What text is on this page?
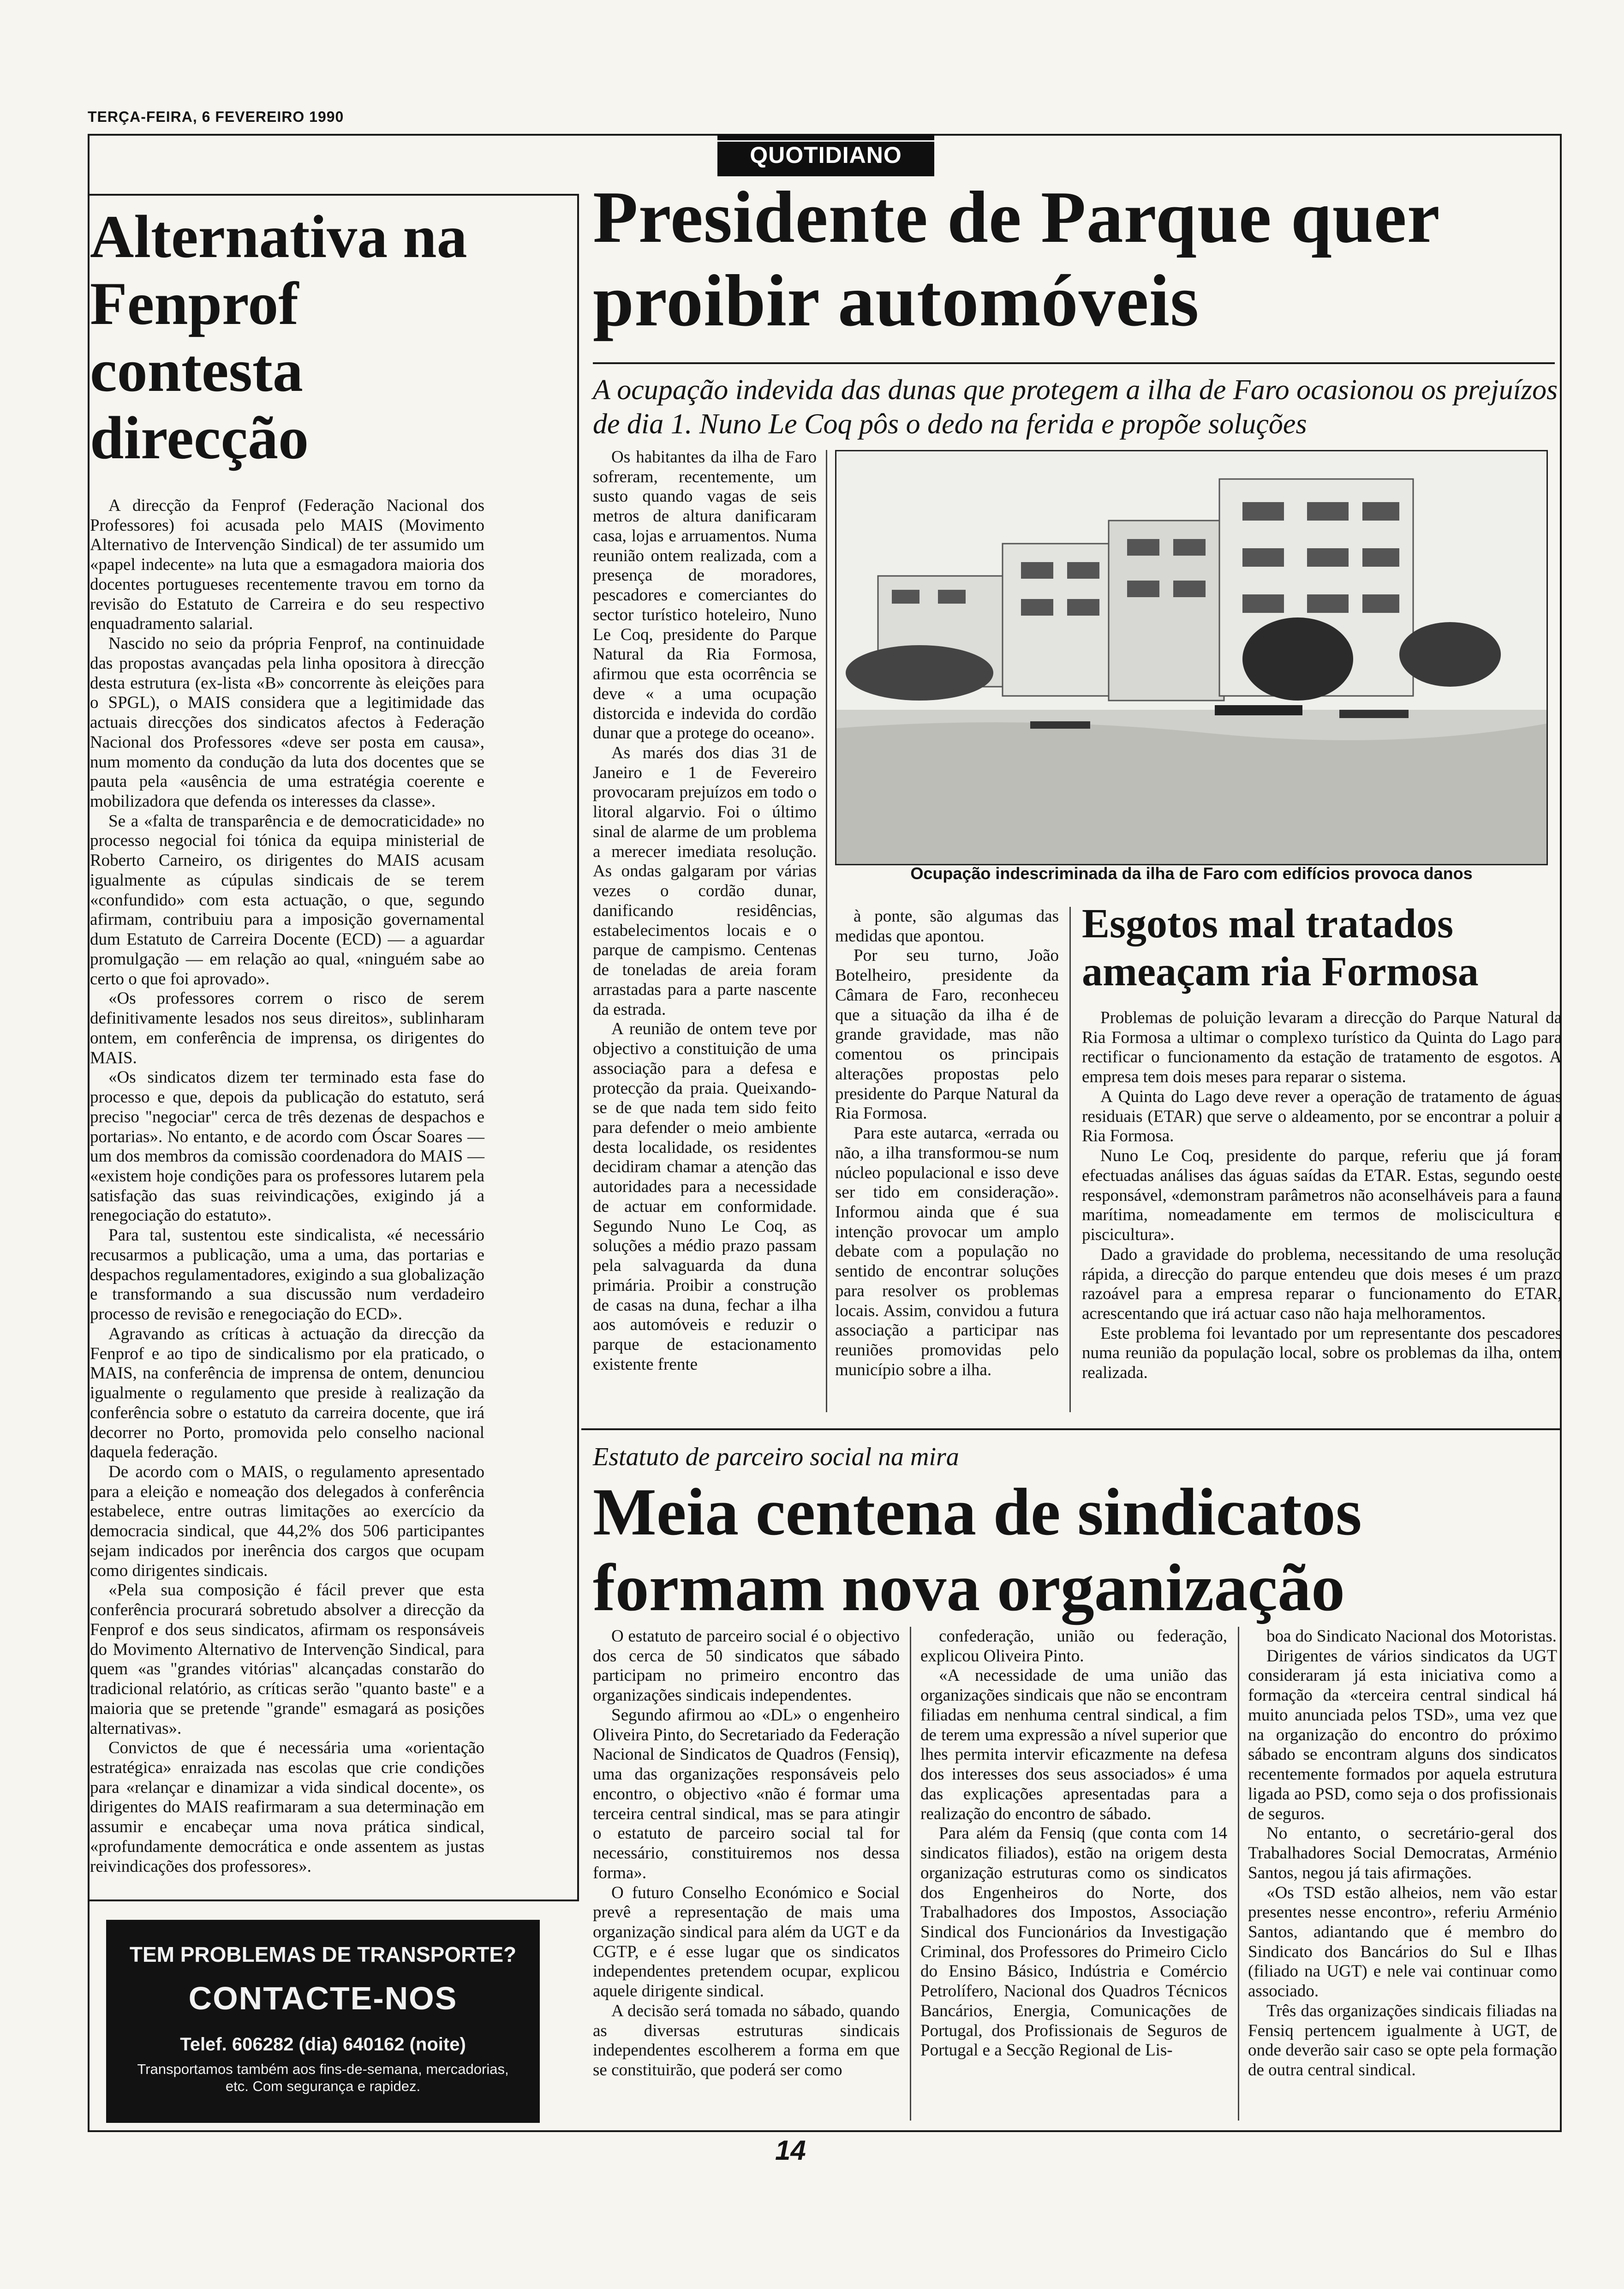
TERÇA-FEIRA, 6 FEVEREIRO 1990
QUOTIDIANO
Alternativa na Fenprof contesta direcção

A direcção da Fenprof (Federação Nacional dos Professores) foi acusada pelo MAIS (Movimento Alternativo de Intervenção Sindical) de ter assumido um «papel indecente» na luta que a esmagadora maioria dos docentes portugueses recentemente travou em torno da revisão do Estatuto de Carreira e do seu respectivo enquadramento salarial.

Nascido no seio da própria Fenprof, na continuidade das propostas avançadas pela linha opositora à direcção desta estrutura (ex-lista «B» concorrente às eleições para o SPGL), o MAIS considera que a legitimidade das actuais direcções dos sindicatos afectos à Federação Nacional dos Professores «deve ser posta em causa», num momento da condução da luta dos docentes que se pauta pela «ausência de uma estratégia coerente e mobilizadora que defenda os interesses da classe».

Se a «falta de transparência e de democraticidade» no processo negocial foi tónica da equipa ministerial de Roberto Carneiro, os dirigentes do MAIS acusam igualmente as cúpulas sindicais de se terem «confundido» com esta actuação, o que, segundo afirmam, contribuiu para a imposição governamental dum Estatuto de Carreira Docente (ECD) — a aguardar promulgação — em relação ao qual, «ninguém sabe ao certo o que foi aprovado».

«Os professores correm o risco de serem definitivamente lesados nos seus direitos», sublinharam ontem, em conferência de imprensa, os dirigentes do MAIS.

«Os sindicatos dizem ter terminado esta fase do processo e que, depois da publicação do estatuto, será preciso "negociar" cerca de três dezenas de despachos e portarias». No entanto, e de acordo com Óscar Soares — um dos membros da comissão coordenadora do MAIS — «existem hoje condições para os professores lutarem pela satisfação das suas reivindicações, exigindo já a renegociação do estatuto».

Para tal, sustentou este sindicalista, «é necessário recusarmos a publicação, uma a uma, das portarias e despachos regulamentadores, exigindo a sua globalização e transformando a sua discussão num verdadeiro processo de revisão e renegociação do ECD».

Agravando as críticas à actuação da direcção da Fenprof e ao tipo de sindicalismo por ela praticado, o MAIS, na conferência de imprensa de ontem, denunciou igualmente o regulamento que preside à realização da conferência sobre o estatuto da carreira docente, que irá decorrer no Porto, promovida pelo conselho nacional daquela federação.

De acordo com o MAIS, o regulamento apresentado para a eleição e nomeação dos delegados à conferência estabelece, entre outras limitações ao exercício da democracia sindical, que 44,2% dos 506 participantes sejam indicados por inerência dos cargos que ocupam como dirigentes sindicais.

«Pela sua composição é fácil prever que esta conferência procurará sobretudo absolver a direcção da Fenprof e dos seus sindicatos, afirmam os responsáveis do Movimento Alternativo de Intervenção Sindical, para quem «as "grandes vitórias" alcançadas constarão do tradicional relatório, as críticas serão "quanto baste" e a maioria que se pretende "grande" esmagará as posições alternativas».

Convictos de que é necessária uma «orientação estratégica» enraizada nas escolas que crie condições para «relançar e dinamizar a vida sindical docente», os dirigentes do MAIS reafirmaram a sua determinação em assumir e encabeçar uma nova prática sindical, «profundamente democrática e onde assentem as justas reivindicações dos professores».

TEM PROBLEMAS DE TRANSPORTE?
CONTACTE-NOS
Telef. 606282 (dia) 640162 (noite)
Transportamos também aos fins-de-semana, mercadorias, etc. Com segurança e rapidez.
Presidente de Parque quer proibir automóveis
A ocupação indevida das dunas que protegem a ilha de Faro ocasionou os prejuízos de dia 1. Nuno Le Coq pôs o dedo na ferida e propõe soluções
Ocupação indescriminada da ilha de Faro com edifícios provoca danos

Os habitantes da ilha de Faro sofreram, recentemente, um susto quando vagas de seis metros de altura danificaram casa, lojas e arruamentos. Numa reunião ontem realizada, com a presença de moradores, pescadores e comerciantes do sector turístico hoteleiro, Nuno Le Coq, presidente do Parque Natural da Ria Formosa, afirmou que esta ocorrência se deve « a uma ocupação distorcida e indevida do cordão dunar que a protege do oceano».

As marés dos dias 31 de Janeiro e 1 de Fevereiro provocaram prejuízos em todo o litoral algarvio. Foi o último sinal de alarme de um problema a merecer imediata resolução. As ondas galgaram por várias vezes o cordão dunar, danificando residências, estabelecimentos locais e o parque de campismo. Centenas de toneladas de areia foram arrastadas para a parte nascente da estrada.

A reunião de ontem teve por objectivo a constituição de uma associação para a defesa e protecção da praia. Queixando-se de que nada tem sido feito para defender o meio ambiente desta localidade, os residentes decidiram chamar a atenção das autoridades para a necessidade de actuar em conformidade. Segundo Nuno Le Coq, as soluções a médio prazo passam pela salvaguarda da duna primária. Proibir a construção de casas na duna, fechar a ilha aos automóveis e reduzir o parque de estacionamento existente frente

à ponte, são algumas das medidas que apontou.

Por seu turno, João Botelheiro, presidente da Câmara de Faro, reconheceu que a situação da ilha é de grande gravidade, mas não comentou os principais alterações propostas pelo presidente do Parque Natural da Ria Formosa.

Para este autarca, «errada ou não, a ilha transformou-se num núcleo populacional e isso deve ser tido em consideração». Informou ainda que é sua intenção provocar um amplo debate com a população no sentido de encontrar soluções para resolver os problemas locais. Assim, convidou a futura associação a participar nas reuniões promovidas pelo município sobre a ilha.

Esgotos mal tratados ameaçam ria Formosa

Problemas de poluição levaram a direcção do Parque Natural da Ria Formosa a ultimar o complexo turístico da Quinta do Lago para rectificar o funcionamento da estação de tratamento de esgotos. A empresa tem dois meses para reparar o sistema.

A Quinta do Lago deve rever a operação de tratamento de águas residuais (ETAR) que serve o aldeamento, por se encontrar a poluir a Ria Formosa.

Nuno Le Coq, presidente do parque, referiu que já foram efectuadas análises das águas saídas da ETAR. Estas, segundo oeste responsável, «demonstram parâmetros não aconselháveis para a fauna marítima, nomeadamente em termos de moliscicultura e piscicultura».

Dado a gravidade do problema, necessitando de uma resolução rápida, a direcção do parque entendeu que dois meses é um prazo razoável para a empresa reparar o funcionamento do ETAR, acrescentando que irá actuar caso não haja melhoramentos.

Este problema foi levantado por um representante dos pescadores numa reunião da população local, sobre os problemas da ilha, ontem realizada.

Estatuto de parceiro social na mira
Meia centena de sindicatos formam nova organização

O estatuto de parceiro social é o objectivo dos cerca de 50 sindicatos que sábado participam no primeiro encontro das organizações sindicais independentes.

Segundo afirmou ao «DL» o engenheiro Oliveira Pinto, do Secretariado da Federação Nacional de Sindicatos de Quadros (Fensiq), uma das organizações responsáveis pelo encontro, o objectivo «não é formar uma terceira central sindical, mas se para atingir o estatuto de parceiro social tal for necessário, constituiremos nos dessa forma».

O futuro Conselho Económico e Social prevê a representação de mais uma organização sindical para além da UGT e da CGTP, e é esse lugar que os sindicatos independentes pretendem ocupar, explicou aquele dirigente sindical.

A decisão será tomada no sábado, quando as diversas estruturas sindicais independentes escolherem a forma em que se constituirão, que poderá ser como

confederação, união ou federação, explicou Oliveira Pinto.

«A necessidade de uma união das organizações sindicais que não se encontram filiadas em nenhuma central sindical, a fim de terem uma expressão a nível superior que lhes permita intervir eficazmente na defesa dos interesses dos seus associados» é uma das explicações apresentadas para a realização do encontro de sábado.

Para além da Fensiq (que conta com 14 sindicatos filiados), estão na origem desta organização estruturas como os sindicatos dos Engenheiros do Norte, dos Trabalhadores dos Impostos, Associação Sindical dos Funcionários da Investigação Criminal, dos Professores do Primeiro Ciclo do Ensino Básico, Indústria e Comércio Petrolífero, Nacional dos Quadros Técnicos Bancários, Energia, Comunicações de Portugal, dos Profissionais de Seguros de Portugal e a Secção Regional de Lis-

boa do Sindicato Nacional dos Motoristas.

Dirigentes de vários sindicatos da UGT consideraram já esta iniciativa como a formação da «terceira central sindical há muito anunciada pelos TSD», uma vez que na organização do encontro do próximo sábado se encontram alguns dos sindicatos recentemente formados por aquela estrutura ligada ao PSD, como seja o dos profissionais de seguros.

No entanto, o secretário-geral dos Trabalhadores Social Democratas, Arménio Santos, negou já tais afirmações.

«Os TSD estão alheios, nem vão estar presentes nesse encontro», referiu Arménio Santos, adiantando que é membro do Sindicato dos Bancários do Sul e Ilhas (filiado na UGT) e nele vai continuar como associado.

Três das organizações sindicais filiadas na Fensiq pertencem igualmente à UGT, de onde deverão sair caso se opte pela formação de outra central sindical.

14
